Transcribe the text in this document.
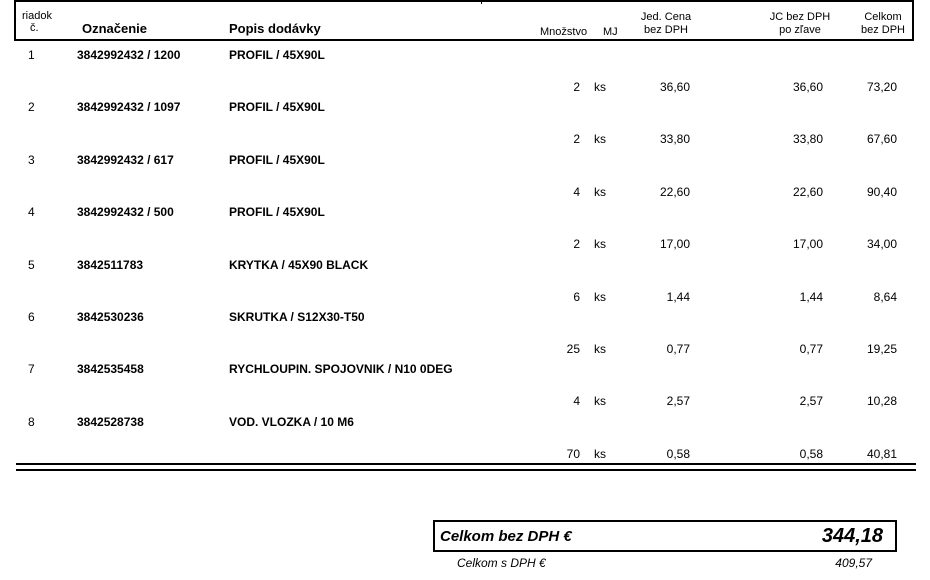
riadok
č.	Označenie	Popis dodávky	Množstvo MJ
Jed. Cena
bez DPH
JC bez DPH
po zľave
Celkom
bez DPH
1	3842992432 / 1200	PROFIL / 45X90L
2 ks	36,60	36,60	73,20
2	3842992432 / 1097	PROFIL / 45X90L
2 ks	33,80	33,80	67,60
3	3842992432 / 617	PROFIL / 45X90L
4 ks	22,60	22,60	90,40
4	3842992432 / 500	PROFIL / 45X90L
2 ks	17,00	17,00	34,00
5	3842511783	KRYTKA / 45X90 BLACK
6 ks	1,44	1,44	8,64
6	3842530236	SKRUTKA / S12X30-T50
25 ks	0,77	0,77	19,25
7	3842535458	RYCHLOUPIN. SPOJOVNIK / N10 0DEG
4 ks	2,57	2,57	10,28
8	3842528738	VOD. VLOZKA / 10 M6
70 ks	0,58	0,58	40,81
Celkom bez DPH €	344,18
Celkom s DPH €	409,57
